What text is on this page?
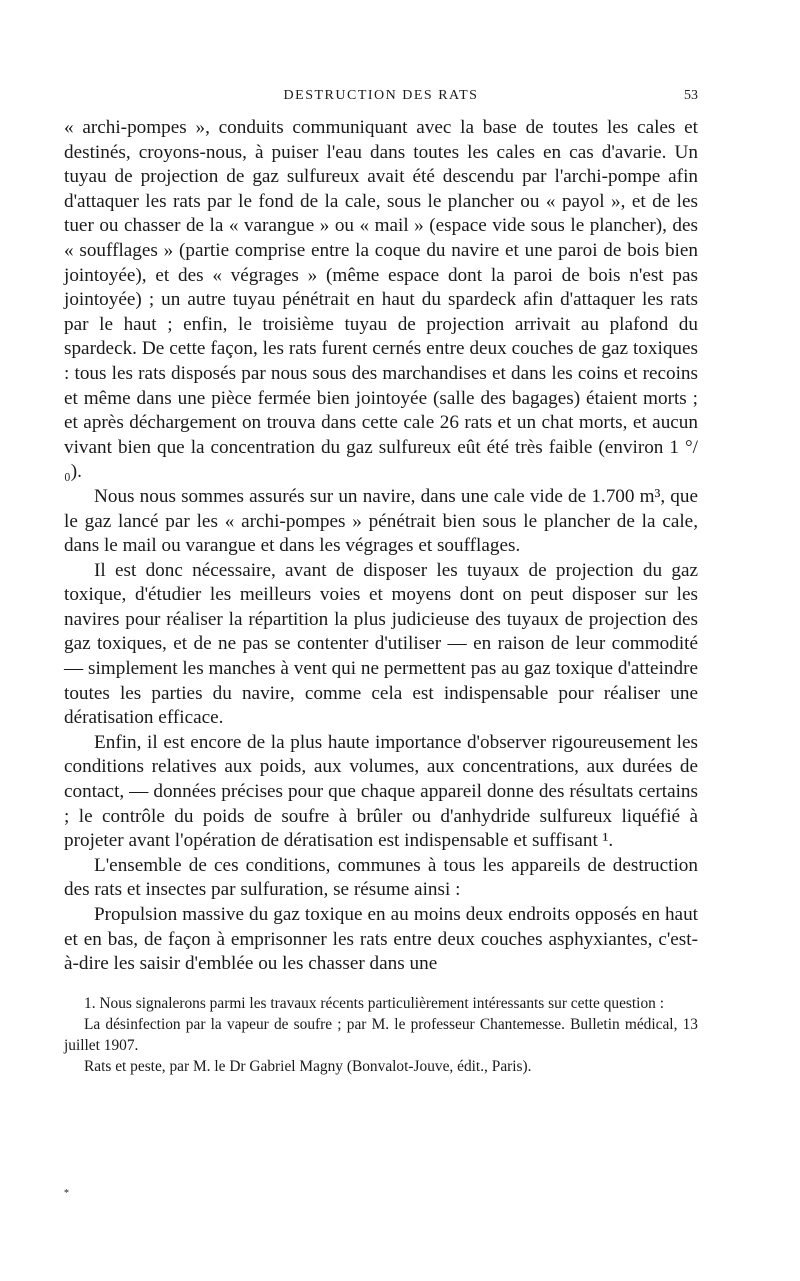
DESTRUCTION DES RATS	53

« archi-pompes », conduits communiquant avec la base de toutes les cales et destinés, croyons-nous, à puiser l'eau dans toutes les cales en cas d'avarie. Un tuyau de projection de gaz sulfureux avait été descendu par l'archi-pompe afin d'attaquer les rats par le fond de la cale, sous le plancher ou « payol », et de les tuer ou chasser de la « varangue » ou « mail » (espace vide sous le plancher), des « soufflages » (partie comprise entre la coque du navire et une paroi de bois bien jointoyée), et des « végrages » (même espace dont la paroi de bois n'est pas jointoyée) ; un autre tuyau pénétrait en haut du spardeck afin d'attaquer les rats par le haut ; enfin, le troisième tuyau de projection arrivait au plafond du spardeck. De cette façon, les rats furent cernés entre deux couches de gaz toxiques : tous les rats disposés par nous sous des marchandises et dans les coins et recoins et même dans une pièce fermée bien jointoyée (salle des bagages) étaient morts ; et après déchargement on trouva dans cette cale 26 rats et un chat morts, et aucun vivant bien que la concentration du gaz sulfureux eût été très faible (environ 1 °/₀).

Nous nous sommes assurés sur un navire, dans une cale vide de 1.700 m³, que le gaz lancé par les « archi-pompes » pénétrait bien sous le plancher de la cale, dans le mail ou varangue et dans les végrages et soufflages.

Il est donc nécessaire, avant de disposer les tuyaux de projection du gaz toxique, d'étudier les meilleurs voies et moyens dont on peut disposer sur les navires pour réaliser la répartition la plus judicieuse des tuyaux de projection des gaz toxiques, et de ne pas se contenter d'utiliser — en raison de leur commodité — simplement les manches à vent qui ne permettent pas au gaz toxique d'atteindre toutes les parties du navire, comme cela est indispensable pour réaliser une dératisation efficace.

Enfin, il est encore de la plus haute importance d'observer rigoureusement les conditions relatives aux poids, aux volumes, aux concentrations, aux durées de contact, — données précises pour que chaque appareil donne des résultats certains ; le contrôle du poids de soufre à brûler ou d'anhydride sulfureux liquéfié à projeter avant l'opération de dératisation est indispensable et suffisant ¹.

L'ensemble de ces conditions, communes à tous les appareils de destruction des rats et insectes par sulfuration, se résume ainsi :

Propulsion massive du gaz toxique en au moins deux endroits opposés en haut et en bas, de façon à emprisonner les rats entre deux couches asphyxiantes, c'est-à-dire les saisir d'emblée ou les chasser dans une

1. Nous signalerons parmi les travaux récents particulièrement intéressants sur cette question :

La désinfection par la vapeur de soufre ; par M. le professeur Chantemesse. Bulletin médical, 13 juillet 1907.

Rats et peste, par M. le Dr Gabriel Magny (Bonvalot-Jouve, édit., Paris).

*
